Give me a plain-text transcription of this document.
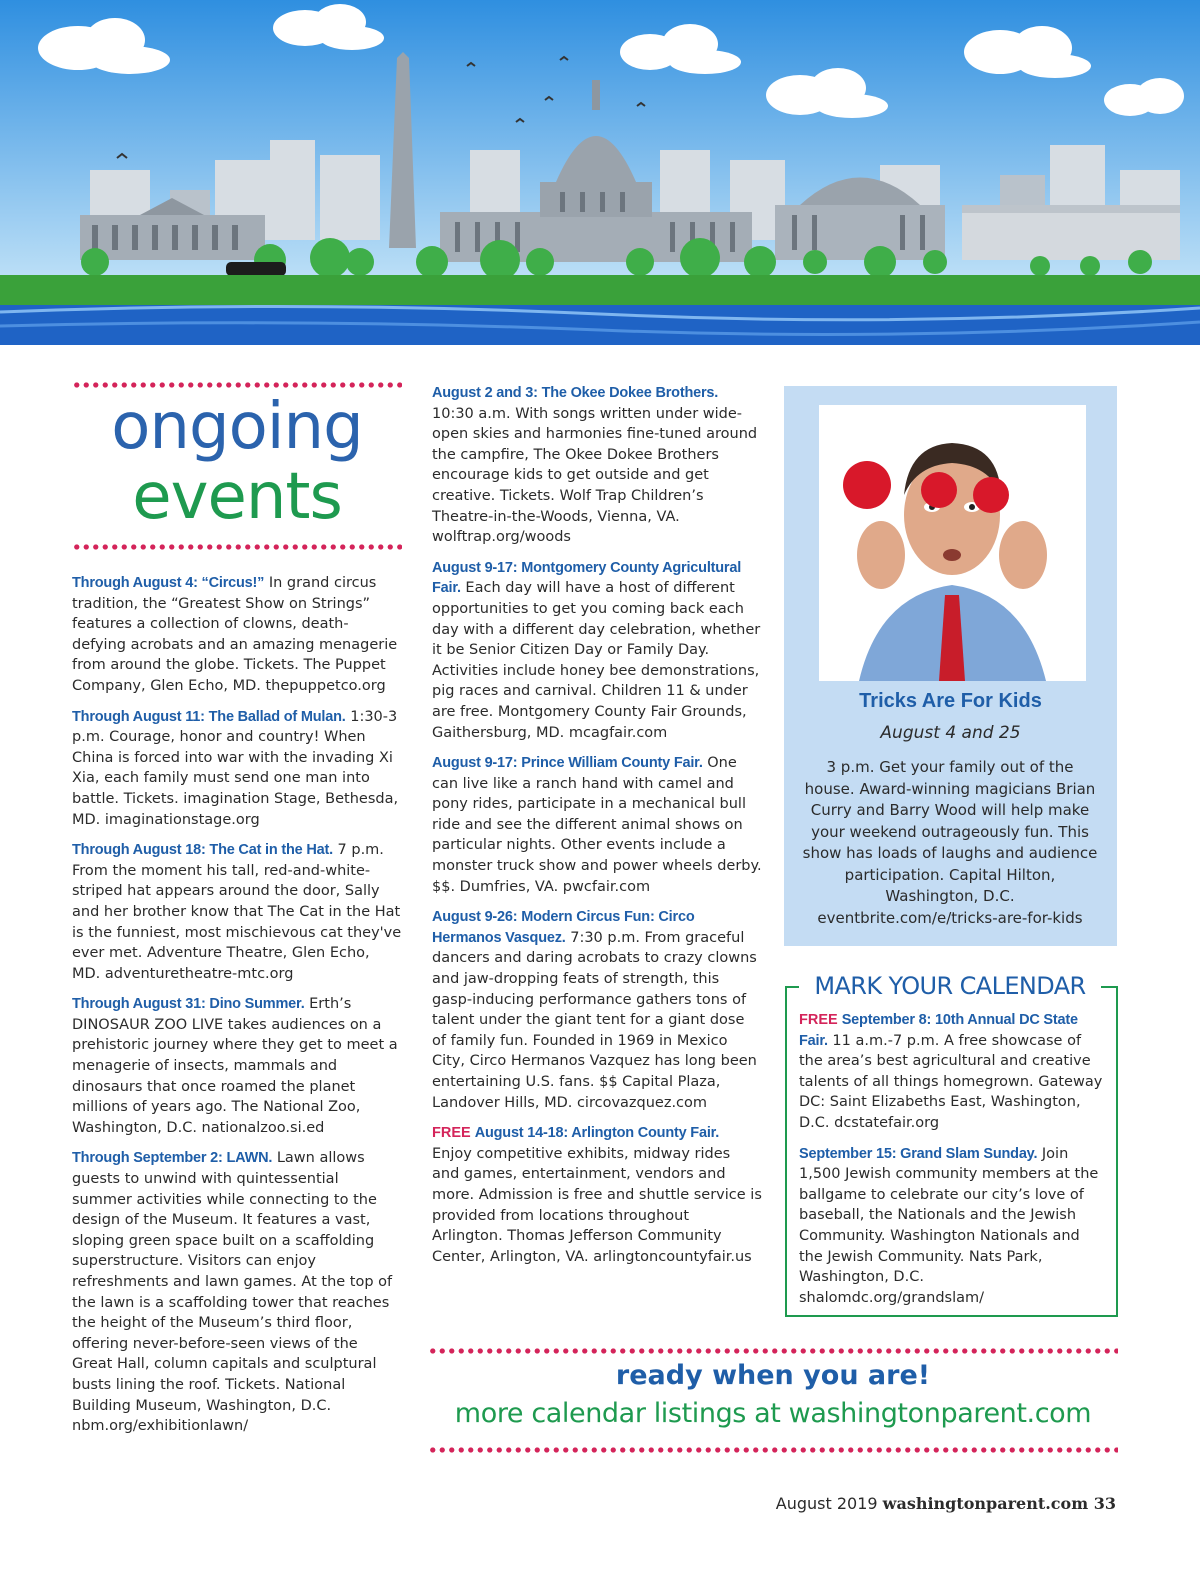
ongoing
events

Through August 4: “Circus!” In grand circus tradition, the “Greatest Show on Strings” features a collection of clowns, death-defying acrobats and an amazing menagerie from around the globe. Tickets. The Puppet Company, Glen Echo, MD. thepuppetco.org

Through August 11: The Ballad of Mulan. 1:30-3 p.m. Courage, honor and country! When China is forced into war with the invading Xi Xia, each family must send one man into battle. Tickets. imagination Stage, Bethesda, MD. imaginationstage.org

Through August 18: The Cat in the Hat. 7 p.m. From the moment his tall, red-and-white-striped hat appears around the door, Sally and her brother know that The Cat in the Hat is the funniest, most mischievous cat they've ever met. Adventure Theatre, Glen Echo, MD. adventuretheatre-mtc.org

Through August 31: Dino Summer. Erth’s DINOSAUR ZOO LIVE takes audiences on a prehistoric journey where they get to meet a menagerie of insects, mammals and dinosaurs that once roamed the planet millions of years ago. The National Zoo, Washington, D.C. nationalzoo.si.ed

Through September 2: LAWN. Lawn allows guests to unwind with quintessential summer activities while connecting to the design of the Museum. It features a vast, sloping green space built on a scaffolding superstructure. Visitors can enjoy refreshments and lawn games. At the top of the lawn is a scaffolding tower that reaches the height of the Museum’s third floor, offering never-before-seen views of the Great Hall, column capitals and sculptural busts lining the roof. Tickets. National Building Museum, Washington, D.C. nbm.org/exhibitionlawn/

August 2 and 3: The Okee Dokee Brothers. 10:30 a.m. With songs written under wide-open skies and harmonies fine-tuned around the campfire, The Okee Dokee Brothers encourage kids to get outside and get creative. Tickets. Wolf Trap Children’s Theatre-in-the-Woods, Vienna, VA. wolftrap.org/woods

August 9-17: Montgomery County Agricultural Fair. Each day will have a host of different opportunities to get you coming back each day with a different day celebration, whether it be Senior Citizen Day or Family Day. Activities include honey bee demonstrations, pig races and carnival. Children 11 & under are free. Montgomery County Fair Grounds, Gaithersburg, MD. mcagfair.com

August 9-17: Prince William County Fair. One can live like a ranch hand with camel and pony rides, participate in a mechanical bull ride and see the different animal shows on particular nights. Other events include a monster truck show and power wheels derby. $$. Dumfries, VA. pwcfair.com

August 9-26: Modern Circus Fun: Circo Hermanos Vasquez. 7:30 p.m. From graceful dancers and daring acrobats to crazy clowns and jaw-dropping feats of strength, this gasp-inducing performance gathers tons of talent under the giant tent for a giant dose of family fun. Founded in 1969 in Mexico City, Circo Hermanos Vazquez has long been entertaining U.S. fans. $$ Capital Plaza, Landover Hills, MD. circovazquez.com

FREE August 14-18: Arlington County Fair. Enjoy competitive exhibits, midway rides and games, entertainment, vendors and more. Admission is free and shuttle service is provided from locations throughout Arlington. Thomas Jefferson Community Center, Arlington, VA. arlingtoncountyfair.us

Tricks Are For Kids
August 4 and 25
3 p.m. Get your family out of the house. Award-winning magicians Brian Curry and Barry Wood will help make your weekend outrageously fun. This show has loads of laughs and audience participation. Capital Hilton, Washington, D.C. eventbrite.com/e/tricks-are-for-kids
MARK YOUR CALENDAR

FREE September 8: 10th Annual DC State Fair. 11 a.m.-7 p.m. A free showcase of the area’s best agricultural and creative talents of all things homegrown. Gateway DC: Saint Elizabeths East, Washington, D.C. dcstatefair.org

September 15: Grand Slam Sunday. Join 1,500 Jewish community members at the ballgame to celebrate our city’s love of baseball, the Nationals and the Jewish Community. Washington Nationals and the Jewish Community. Nats Park, Washington, D.C. shalomdc.org/grandslam/

ready when you are!
more calendar listings at washingtonparent.com
August 2019 washingtonparent.com 33
